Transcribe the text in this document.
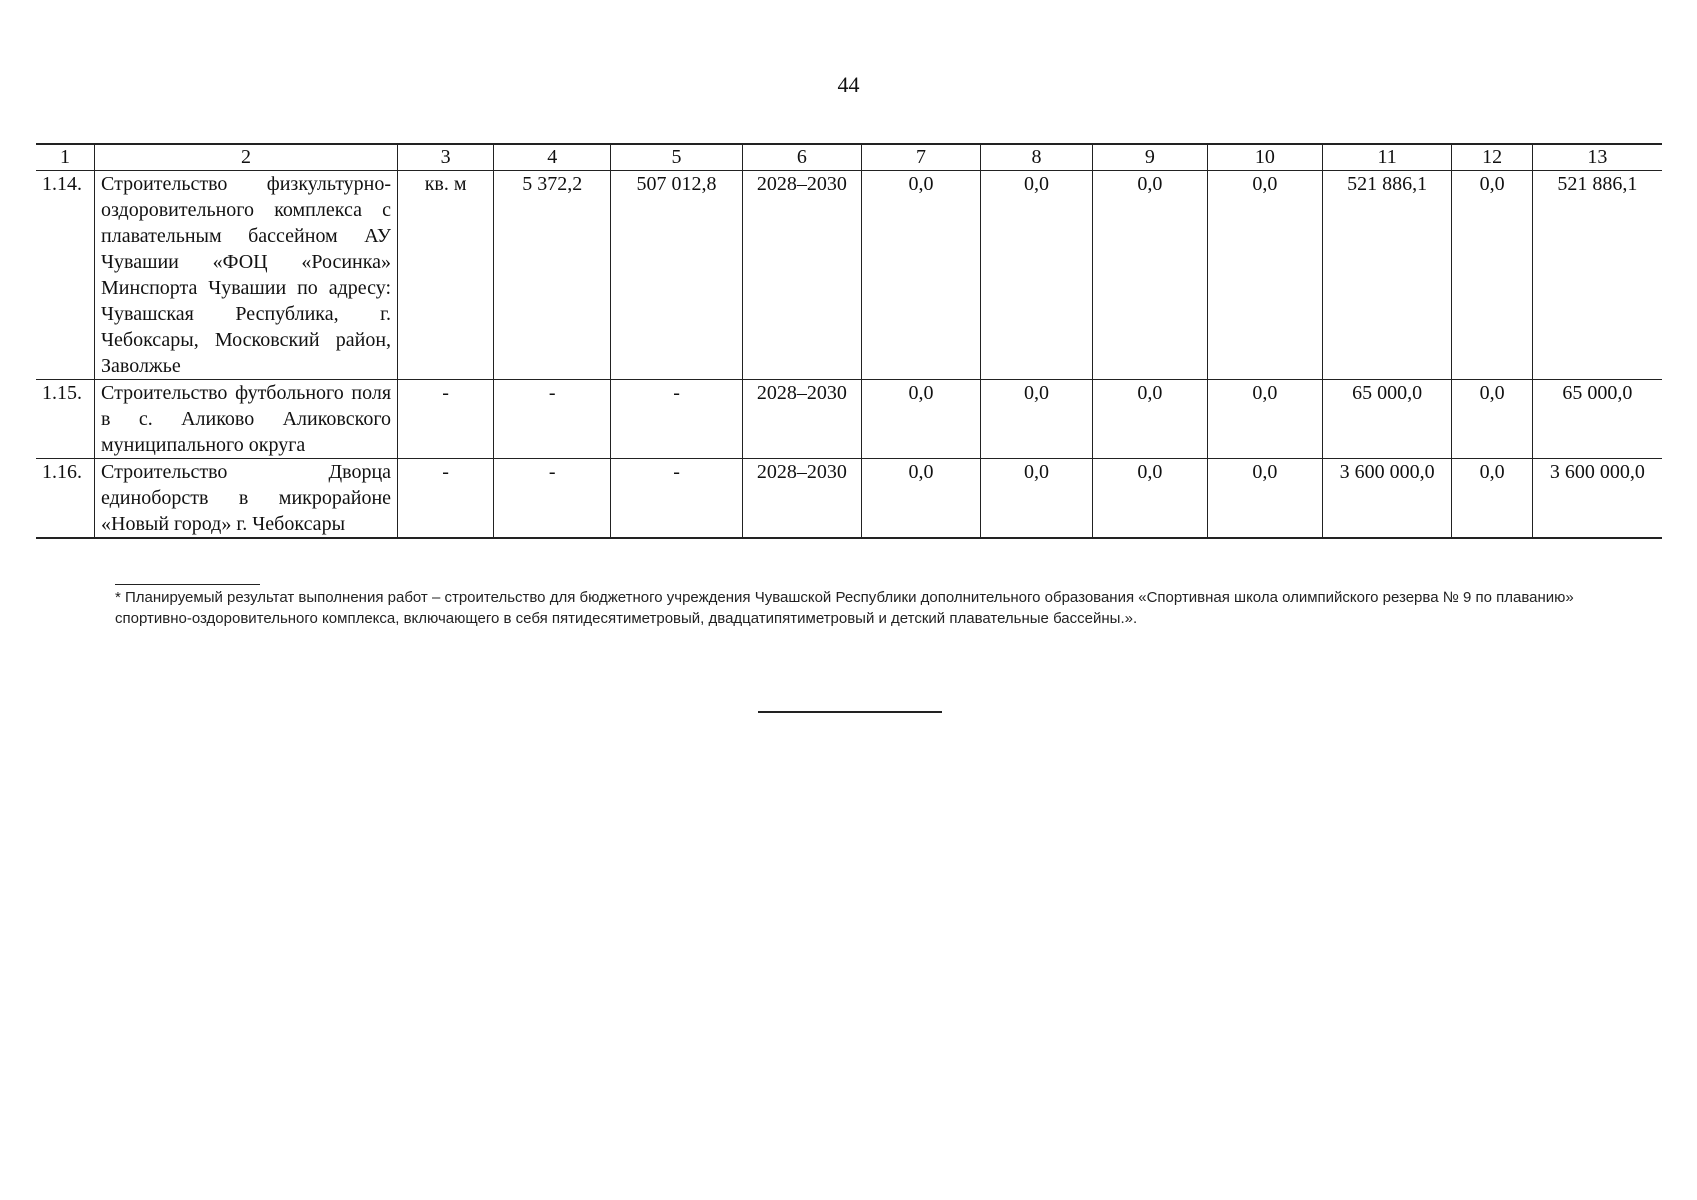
44
1	2	3	4	5	6	7	8	9	10	11	12	13
1.14.	Строительство физкультурно-оздоровительного комплекса с плавательным бассейном АУ Чувашии «ФОЦ «Росинка» Минспорта Чувашии по адресу: Чувашская Республика, г. Чебоксары, Московский район, Заволжье	кв. м	5 372,2	507 012,8	2028–2030	0,0	0,0	0,0	0,0	521 886,1	0,0	521 886,1
1.15.	Строительство футбольного поля в с. Аликово Аликовского муниципального округа	-	-	-	2028–2030	0,0	0,0	0,0	0,0	65 000,0	0,0	65 000,0
1.16.	Строительство Дворца единоборств в микрорайоне «Новый город» г. Чебоксары	-	-	-	2028–2030	0,0	0,0	0,0	0,0	3 600 000,0	0,0	3 600 000,0
* Планируемый результат выполнения работ – строительство для бюджетного учреждения Чувашской Республики дополнительного образования «Спортивная школа олимпийского резерва № 9 по плаванию» спортивно-оздоровительного комплекса, включающего в себя пятидесятиметровый, двадцатипятиметровый и детский плавательные бассейны.».
